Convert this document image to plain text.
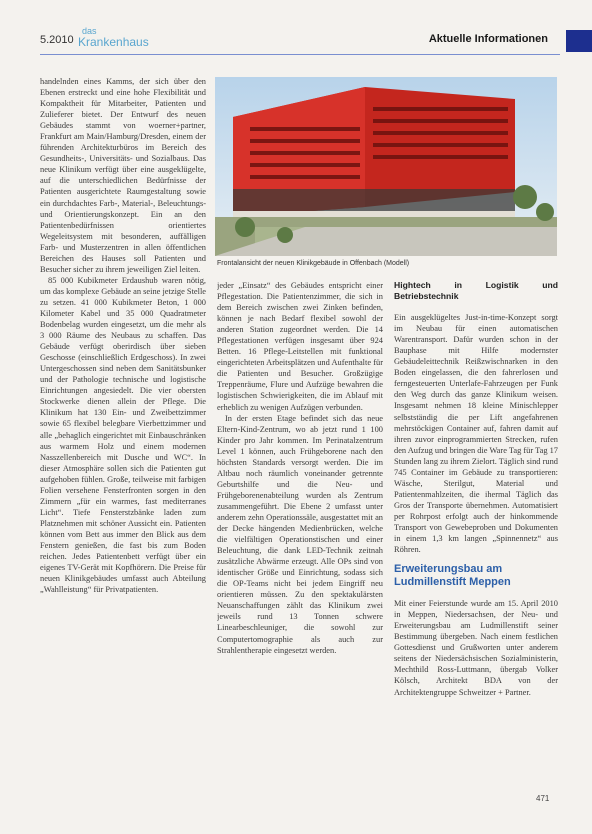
5.2010
das
Krankenhaus	Aktuelle Informationen

handelnden eines Kamms, der sich über den Ebenen erstreckt und eine hohe Flexibilität und Kompaktheit für Mitarbeiter, Patienten und Zulieferer bietet. Der Entwurf des neuen Gebäudes stammt von woerner+partner, Frankfurt am Main/Hamburg/Dresden, einem der führenden Architekturbüros im Bereich des Gesundheits-, Universitäts- und Sozialbaus. Das neue Klinikum verfügt über eine ausgeklügelte, auf die unterschiedlichen Bedürfnisse der Patienten ausgerichtete Raumgestaltung sowie ein durchdachtes Farb-, Material-, Beleuchtungs- und Orientierungskonzept. Ein an den Patientenbedürfnissen orientiertes Wegeleitsystem mit besonderen, auffälligen Farb- und Musterzentren in allen öffentlichen Bereichen des Hauses soll Patienten und Besucher sicher zu ihrem jeweiligen Ziel leiten.

85 000 Kubikmeter Erdaushub waren nötig, um das komplexe Gebäude an seine jetzige Stelle zu setzen. 41 000 Kubikmeter Beton, 1 000 Kilometer Kabel und 35 000 Quadratmeter Bodenbelag wurden eingesetzt, um die mehr als 3 000 Räume des Neubaus zu schaffen. Das Gebäude verfügt oberirdisch über sieben Geschosse (einschließlich Erdgeschoss). In zwei Untergeschossen sind neben dem Sanitätsbunker und der Pathologie technische und logistische Einrichtungen angesiedelt. Die vier obersten Stockwerke dienen allein der Pflege. Die Klinikum hat 130 Ein- und Zweibettzimmer sowie 65 flexibel belegbare Vierbettzimmer und alle „behaglich eingerichtet mit Einbauschränken aus warmem Holz und einem modernen Nasszellenbereich mit Dusche und WC“. In dieser Atmosphäre sollen sich die Patienten gut aufgehoben fühlen. Große, teilweise mit farbigen Folien versehene Fensterfronten sorgen in den Zimmern „für ein warmes, fast mediterranes Licht“. Tiefe Fensterstzbänke laden zum Platznehmen mit schöner Aussicht ein. Patienten können vom Bett aus immer den Blick aus dem Fenstern genießen, die fast bis zum Boden reichen. Jedes Patientenbett verfügt über ein eigenes TV-Gerät mit Kopfhörern. Die Preise für neuen Klinikgebäudes umfasst auch Abteilung „Wahlleistung“ für Privatpatienten.

Frontalansicht der neuen Klinikgebäude in Offenbach (Modell)

jeder „Einsatz“ des Gebäudes entspricht einer Pflegestation. Die Patientenzimmer, die sich in dem Bereich zwischen zwei Zinken befinden, können je nach Bedarf flexibel sowohl der anderen Station zugeordnet werden. Die 14 Pflegestationen verfügen insgesamt über 924 Betten. 16 Pflege-Leitstellen mit funktional eingerichteten Arbeitsplätzen und Aufenthalte für die Patienten und Besucher. Großzügige Treppenräume, Flure und Aufzüge bewahren die logistischen Schwierigkeiten, die im Ablauf mit erheblich zu wenigen Aufzügen verbunden.

In der ersten Etage befindet sich das neue Eltern-Kind-Zentrum, wo ab jetzt rund 1 100 Kinder pro Jahr kommen. Im Perinatalzentrum Level 1 können, auch Frühgeborene nach den höchsten Standards versorgt werden. Die im Altbau noch räumlich voneinander getrennte Geburtshilfe und die Neu- und Frühgeborenenabteilung wurden als Zentrum zusammengeführt. Die Ebene 2 umfasst unter anderem zehn Operationssäle, ausgestattet mit an der Decke hängenden Medienbrücken, welche die vielfältigen Operationstischen und einer Beleuchtung, die dank LED-Technik zeitnah zusätzliche Abwärme erzeugt. Alle OPs sind von identischer Größe und Einrichtung, sodass sich die OP-Teams nicht bei jedem Eingriff neu orientieren müssen. Zu den spektakulärsten Neuanschaffungen zählt das Klinikum zwei jeweils rund 13 Tonnen schwere Linearbeschleuniger, die sowohl zur Computertomographie als auch zur Strahlentherapie eingesetzt werden.

Hightech in Logistik und Betriebstechnik

Ein ausgeklügeltes Just-in-time-Konzept sorgt im Neubau für einen automatischen Warentransport. Dafür wurden schon in der Bauphase mit Hilfe modernster Gebäudeleittechnik Reißzwischnarken in den Boden eingelassen, die den fahrerlosen und ferngesteuerten Unterlafe-Fahrzeugen per Funk den Weg durch das ganze Klinikum weisen. Insgesamt nehmen 18 kleine Minischlepper selbstständig die per Lift angefahrenen mehrstöckigen Container auf, fahren damit auf ihren zuvor einprogrammierten Strecken, rufen den Aufzug und bringen die Ware Tag für Tag 17 Stunden lang zu ihrem Zielort. Täglich sind rund 745 Container im Gebäude zu transportieren: Wäsche, Sterilgut, Material und Patientenmahlzeiten, die ihermal Täglich das Gros der Transporte übernehmen. Automatisiert per Rohrpost erfolgt auch der hinkommende Transport von Gewebeproben und Dokumenten in einem 1,3 km langen „Spinnennetz“ aus Röhren.

Erweiterungsbau am Ludmillenstift Meppen

Mit einer Feierstunde wurde am 15. April 2010 in Meppen, Niedersachsen, der Neu- und Erweiterungsbau am Ludmillenstift seiner Bestimmung übergeben. Nach einem festlichen Gottesdienst und Grußworten unter anderem seitens der Niedersächsischen Sozialministerin, Mechthild Ross-Luttmann, übergab Volker Kölsch, Architekt BDA von der Architektengruppe Schweitzer + Partner.

471
